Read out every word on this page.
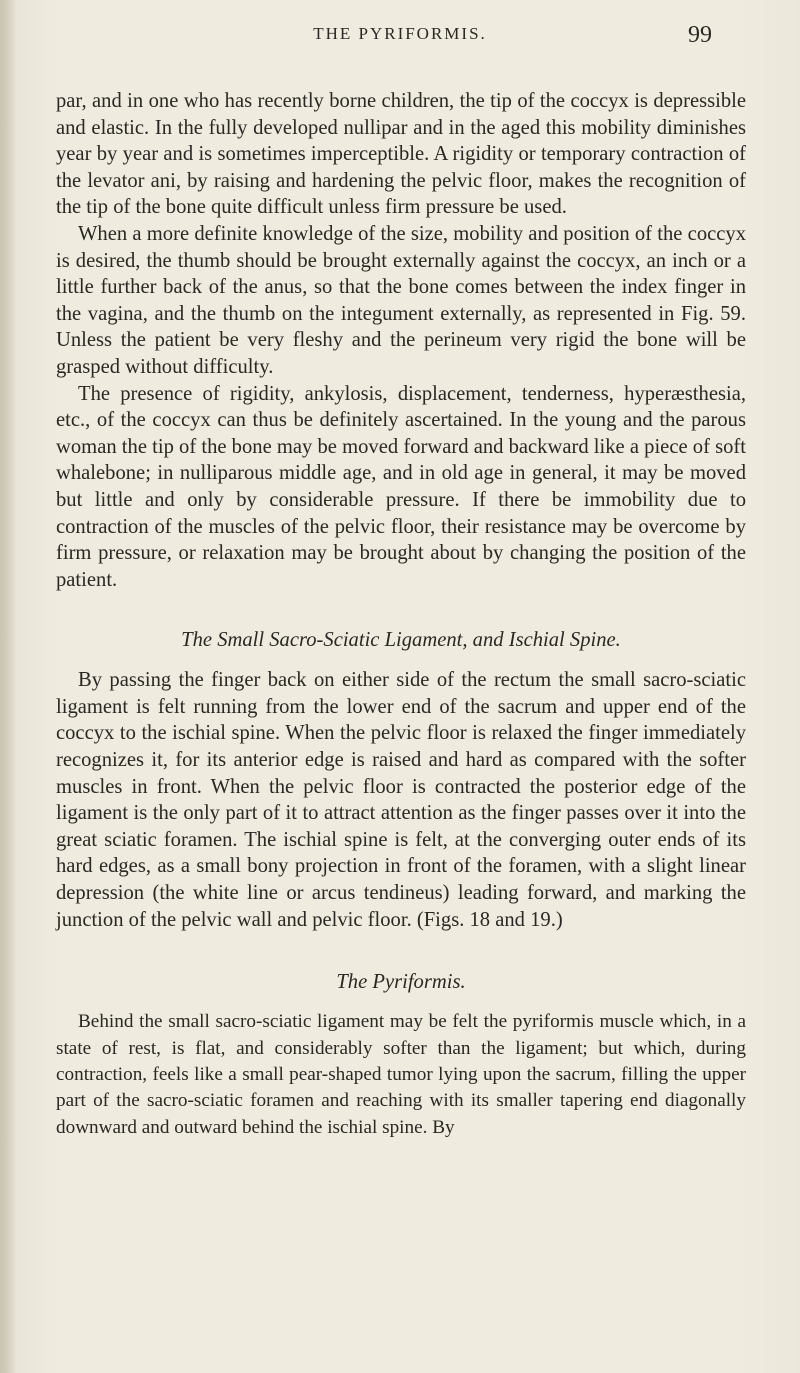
THE PYRIFORMIS.	99

par, and in one who has recently borne children, the tip of the coccyx is depressible and elastic. In the fully developed nullipar and in the aged this mobility diminishes year by year and is sometimes imperceptible. A rigidity or temporary contraction of the levator ani, by raising and hardening the pelvic floor, makes the recognition of the tip of the bone quite difficult unless firm pressure be used.

When a more definite knowledge of the size, mobility and position of the coccyx is desired, the thumb should be brought externally against the coccyx, an inch or a little further back of the anus, so that the bone comes between the index finger in the vagina, and the thumb on the integument externally, as represented in Fig. 59. Unless the patient be very fleshy and the perineum very rigid the bone will be grasped without difficulty.

The presence of rigidity, ankylosis, displacement, tenderness, hyperæsthesia, etc., of the coccyx can thus be definitely ascertained. In the young and the parous woman the tip of the bone may be moved forward and backward like a piece of soft whalebone; in nulliparous middle age, and in old age in general, it may be moved but little and only by considerable pressure. If there be immobility due to contraction of the muscles of the pelvic floor, their resistance may be overcome by firm pressure, or relaxation may be brought about by changing the position of the patient.

The Small Sacro-Sciatic Ligament, and Ischial Spine.

By passing the finger back on either side of the rectum the small sacro-sciatic ligament is felt running from the lower end of the sacrum and upper end of the coccyx to the ischial spine. When the pelvic floor is relaxed the finger immediately recognizes it, for its anterior edge is raised and hard as compared with the softer muscles in front. When the pelvic floor is contracted the posterior edge of the ligament is the only part of it to attract attention as the finger passes over it into the great sciatic foramen. The ischial spine is felt, at the converging outer ends of its hard edges, as a small bony projection in front of the foramen, with a slight linear depression (the white line or arcus tendineus) leading forward, and marking the junction of the pelvic wall and pelvic floor. (Figs. 18 and 19.)

The Pyriformis.

Behind the small sacro-sciatic ligament may be felt the pyriformis muscle which, in a state of rest, is flat, and considerably softer than the ligament; but which, during contraction, feels like a small pear-shaped tumor lying upon the sacrum, filling the upper part of the sacro-sciatic foramen and reaching with its smaller tapering end diagonally downward and outward behind the ischial spine. By
